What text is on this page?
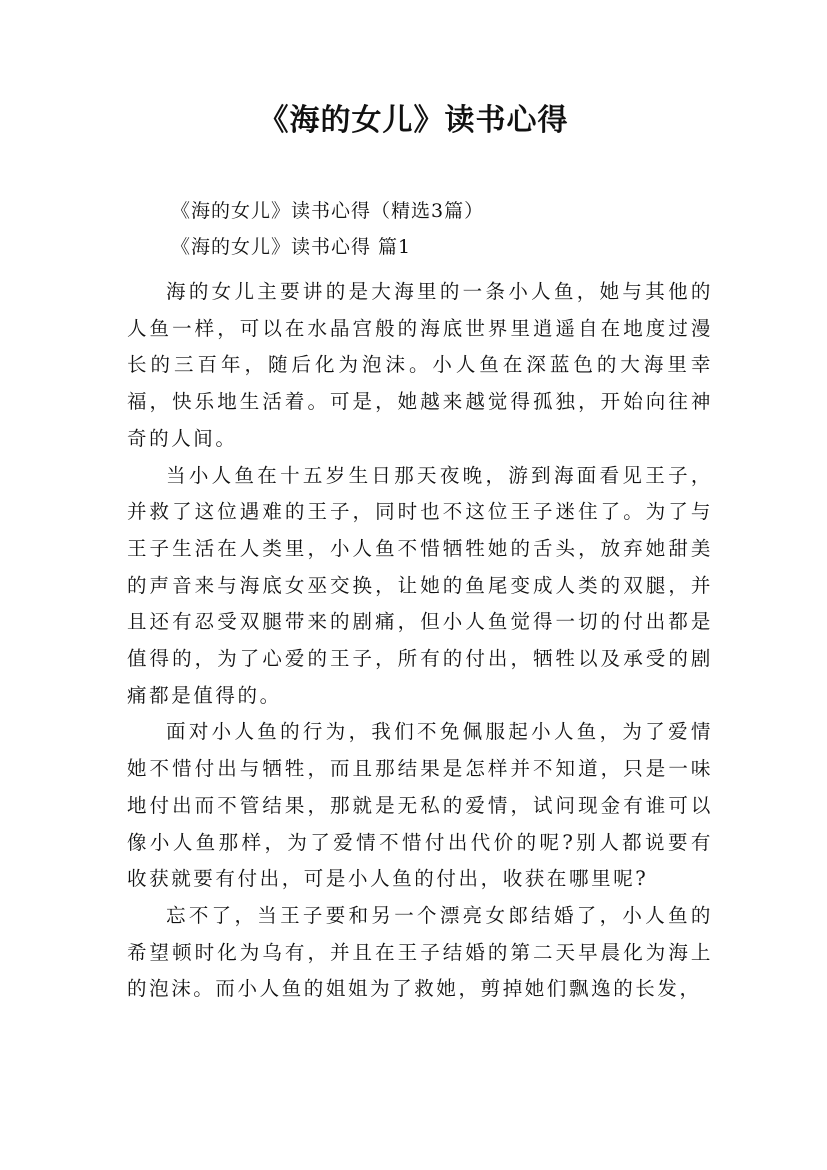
《海的女儿》读书心得

《海的女儿》读书心得（精选3篇）

《海的女儿》读书心得 篇1

海的女儿主要讲的是大海里的一条小人鱼，她与其他的人鱼一样，可以在水晶宫般的海底世界里逍遥自在地度过漫长的三百年，随后化为泡沫。小人鱼在深蓝色的大海里幸福，快乐地生活着。可是，她越来越觉得孤独，开始向往神奇的人间。

当小人鱼在十五岁生日那天夜晚，游到海面看见王子，并救了这位遇难的王子，同时也不这位王子迷住了。为了与王子生活在人类里，小人鱼不惜牺牲她的舌头，放弃她甜美的声音来与海底女巫交换，让她的鱼尾变成人类的双腿，并且还有忍受双腿带来的剧痛，但小人鱼觉得一切的付出都是值得的，为了心爱的王子，所有的付出，牺牲以及承受的剧痛都是值得的。

面对小人鱼的行为，我们不免佩服起小人鱼，为了爱情她不惜付出与牺牲，而且那结果是怎样并不知道，只是一味地付出而不管结果，那就是无私的爱情，试问现金有谁可以像小人鱼那样，为了爱情不惜付出代价的呢?别人都说要有收获就要有付出，可是小人鱼的付出，收获在哪里呢?

忘不了，当王子要和另一个漂亮女郎结婚了，小人鱼的希望顿时化为乌有，并且在王子结婚的第二天早晨化为海上的泡沫。而小人鱼的姐姐为了救她，剪掉她们飘逸的长发，
